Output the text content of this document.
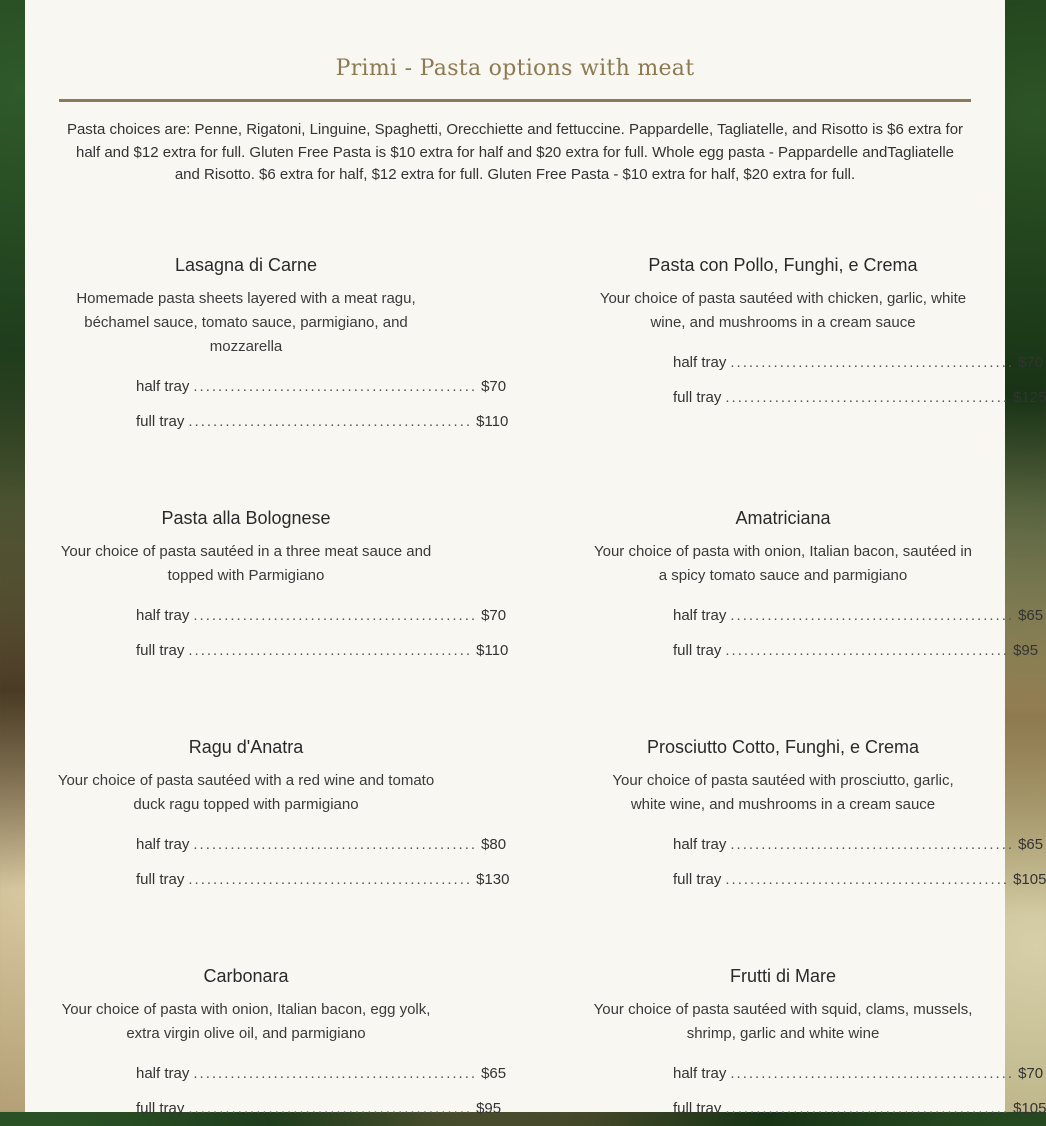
Primi - Pasta options with meat
Pasta choices are: Penne, Rigatoni, Linguine, Spaghetti, Orecchiette and fettuccine. Pappardelle, Tagliatelle, and Risotto is $6 extra for half and $12 extra for full. Gluten Free Pasta is $10 extra for half and $20 extra for full. Whole egg pasta - Pappardelle andTagliatelle and Risotto. $6 extra for half, $12 extra for full. Gluten Free Pasta - $10 extra for half, $20 extra for full.
Lasagna di Carne
Homemade pasta sheets layered with a meat ragu, béchamel sauce, tomato sauce, parmigiano, and mozzarella
half tray .............................................. $70
full tray .............................................. $110
Pasta con Pollo, Funghi, e Crema
Your choice of pasta sautéed with chicken, garlic, white wine, and mushrooms in a cream sauce
half tray .............................................. $70
full tray .............................................. $125
Pasta alla Bolognese
Your choice of pasta sautéed in a three meat sauce and topped with Parmigiano
half tray .............................................. $70
full tray .............................................. $110
Amatriciana
Your choice of pasta with onion, Italian bacon, sautéed in a spicy tomato sauce and parmigiano
half tray .............................................. $65
full tray .............................................. $95
Ragu d'Anatra
Your choice of pasta sautéed with a red wine and tomato duck ragu topped with parmigiano
half tray .............................................. $80
full tray .............................................. $130
Prosciutto Cotto, Funghi, e Crema
Your choice of pasta sautéed with prosciutto, garlic, white wine, and mushrooms in a cream sauce
half tray .............................................. $65
full tray .............................................. $105
Carbonara
Your choice of pasta with onion, Italian bacon, egg yolk, extra virgin olive oil, and parmigiano
half tray .............................................. $65
full tray .............................................. $95
Frutti di Mare
Your choice of pasta sautéed with squid, clams, mussels, shrimp, garlic and white wine
half tray .............................................. $70
full tray .............................................. $105
